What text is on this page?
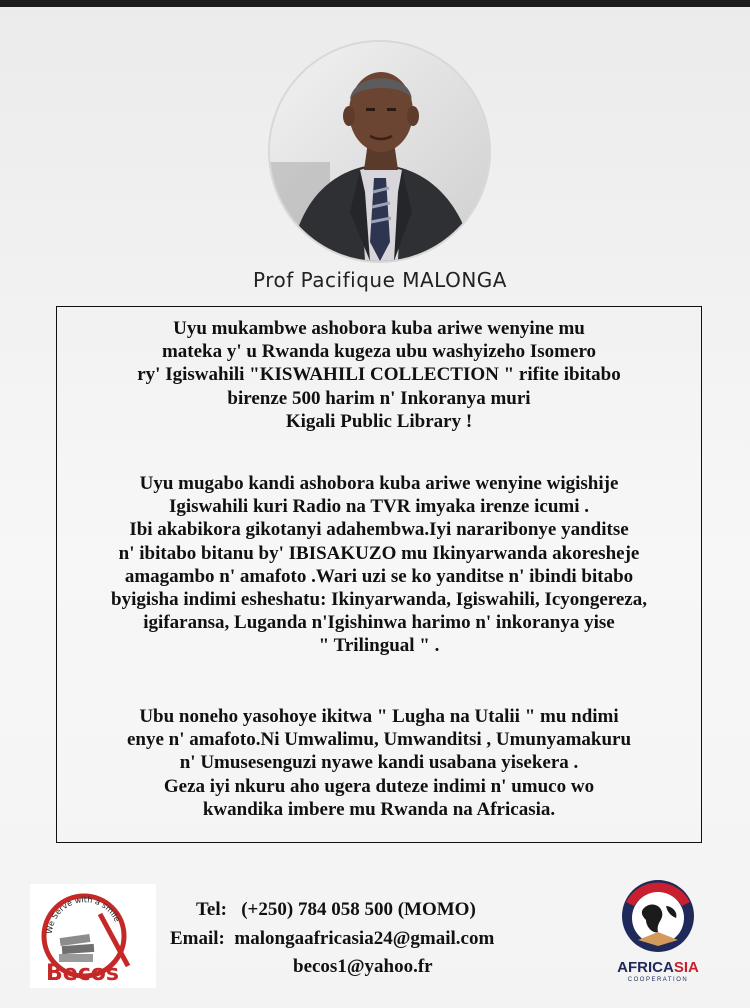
Prof Pacifique MALONGA
Uyu mukambwe ashobora kuba ariwe wenyine mu
mateka y' u Rwanda kugeza ubu washyizeho Isomero
ry' Igiswahili "KISWAHILI COLLECTION " rifite ibitabo
birenze 500 harim n' Inkoranya muri
Kigali Public Library !
Uyu mugabo kandi ashobora kuba ariwe wenyine wigishije
Igiswahili kuri Radio na TVR imyaka irenze icumi .
Ibi akabikora gikotanyi adahembwa.Iyi nararibonye yanditse
n' ibitabo bitanu by' IBISAKUZO mu Ikinyarwanda akoresheje
amagambo n' amafoto .Wari uzi se ko yanditse n' ibindi bitabo
byigisha indimi esheshatu: Ikinyarwanda, Igiswahili, Icyongereza,
igifaransa, Luganda n'Igishinwa harimo n' inkoranya yise
" Trilingual " .
Ubu noneho yasohoye ikitwa " Lugha na Utalii " mu ndimi
enye n' amafoto.Ni Umwalimu, Umwanditsi , Umunyamakuru
n' Umusesenguzi nyawe kandi usabana yisekera .
Geza iyi nkuru aho ugera duteze indimi n' umuco wo
kwandika imbere mu Rwanda na Africasia.
We Serve with a smile
Becos
Tel: (+250) 784 058 500 (MOMO)
Email: malongaafricasia24@gmail.com
becos1@yahoo.fr	AFRICASIA
COOPERATION
